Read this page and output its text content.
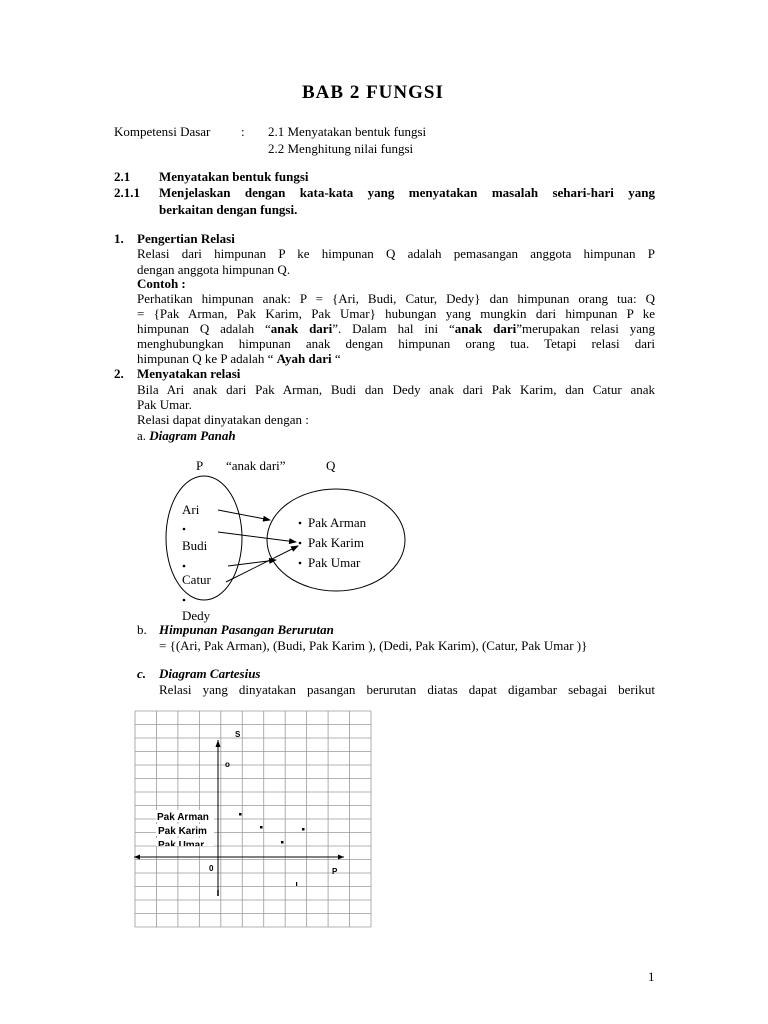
BAB 2 FUNGSI
Kompetensi Dasar : 2.1 Menyatakan bentuk fungsi
2.2 Menghitung nilai fungsi
2.1 Menyatakan bentuk fungsi
2.1.1 Menjelaskan dengan kata-kata yang menyatakan masalah sehari-hari yang
berkaitan dengan fungsi.
1. Pengertian Relasi
Relasi dari himpunan P ke himpunan Q adalah pemasangan anggota himpunan P
dengan anggota himpunan Q.
Contoh :
Perhatikan himpunan anak: P = {Ari, Budi, Catur, Dedy} dan himpunan orang tua: Q
= {Pak Arman, Pak Karim, Pak Umar} hubungan yang mungkin dari himpunan P ke
himpunan Q adalah “anak dari”. Dalam hal ini “anak dari”merupakan relasi yang
menghubungkan himpunan anak dengan himpunan orang tua. Tetapi relasi dari
himpunan Q ke P adalah “ Ayah dari “
2. Menyatakan relasi
Bila Ari anak dari Pak Arman, Budi dan Dedy anak dari Pak Karim, dan Catur anak
Pak Umar.
Relasi dapat dinyatakan dengan :
a. Diagram Panah
P “anak dari”	Q
Ari
Budi
Catur
Dedy
Pak Arman
Pak Karim
Pak Umar
b. Himpunan Pasangan Berurutan
= {(Ari, Pak Arman), (Budi, Pak Karim ), (Dedi, Pak Karim), (Catur, Pak Umar )}
c. Diagram Cartesius
Relasi yang dinyatakan pasangan berurutan diatas dapat digambar sebagai berikut
S
o
0	P
Pak Arman
Pak Karim
Pak Umar
1
